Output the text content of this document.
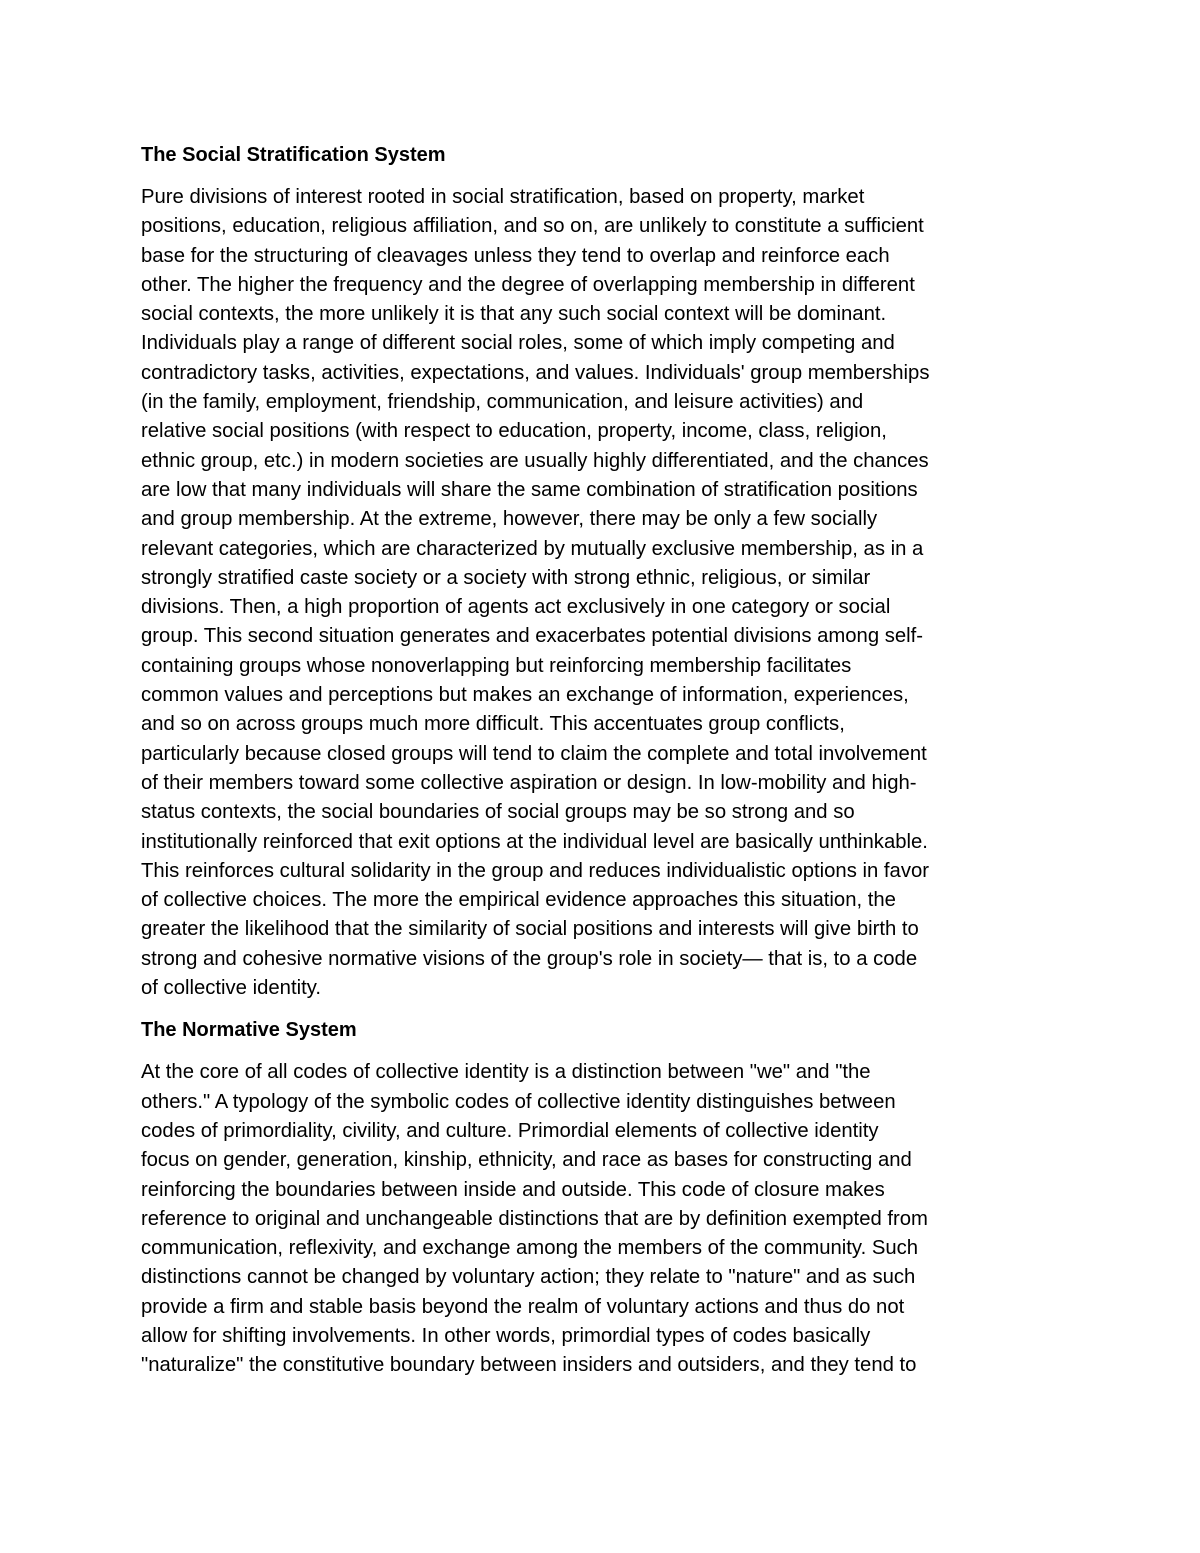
The Social Stratification System

Pure divisions of interest rooted in social stratification, based on property, market
positions, education, religious affiliation, and so on, are unlikely to constitute a sufficient
base for the structuring of cleavages unless they tend to overlap and reinforce each
other. The higher the frequency and the degree of overlapping membership in different
social contexts, the more unlikely it is that any such social context will be dominant.
Individuals play a range of different social roles, some of which imply competing and
contradictory tasks, activities, expectations, and values. Individuals' group memberships
(in the family, employment, friendship, communication, and leisure activities) and
relative social positions (with respect to education, property, income, class, religion,
ethnic group, etc.) in modern societies are usually highly differentiated, and the chances
are low that many individuals will share the same combination of stratification positions
and group membership. At the extreme, however, there may be only a few socially
relevant categories, which are characterized by mutually exclusive membership, as in a
strongly stratified caste society or a society with strong ethnic, religious, or similar
divisions. Then, a high proportion of agents act exclusively in one category or social
group. This second situation generates and exacerbates potential divisions among self-
containing groups whose nonoverlapping but reinforcing membership facilitates
common values and perceptions but makes an exchange of information, experiences,
and so on across groups much more difficult. This accentuates group conflicts,
particularly because closed groups will tend to claim the complete and total involvement
of their members toward some collective aspiration or design. In low-mobility and high-
status contexts, the social boundaries of social groups may be so strong and so
institutionally reinforced that exit options at the individual level are basically unthinkable.
This reinforces cultural solidarity in the group and reduces individualistic options in favor
of collective choices. The more the empirical evidence approaches this situation, the
greater the likelihood that the similarity of social positions and interests will give birth to
strong and cohesive normative visions of the group's role in society— that is, to a code
of collective identity.

The Normative System

At the core of all codes of collective identity is a distinction between "we" and "the
others." A typology of the symbolic codes of collective identity distinguishes between
codes of primordiality, civility, and culture. Primordial elements of collective identity
focus on gender, generation, kinship, ethnicity, and race as bases for constructing and
reinforcing the boundaries between inside and outside. This code of closure makes
reference to original and unchangeable distinctions that are by definition exempted from
communication, reflexivity, and exchange among the members of the community. Such
distinctions cannot be changed by voluntary action; they relate to "nature" and as such
provide a firm and stable basis beyond the realm of voluntary actions and thus do not
allow for shifting involvements. In other words, primordial types of codes basically
"naturalize" the constitutive boundary between insiders and outsiders, and they tend to
